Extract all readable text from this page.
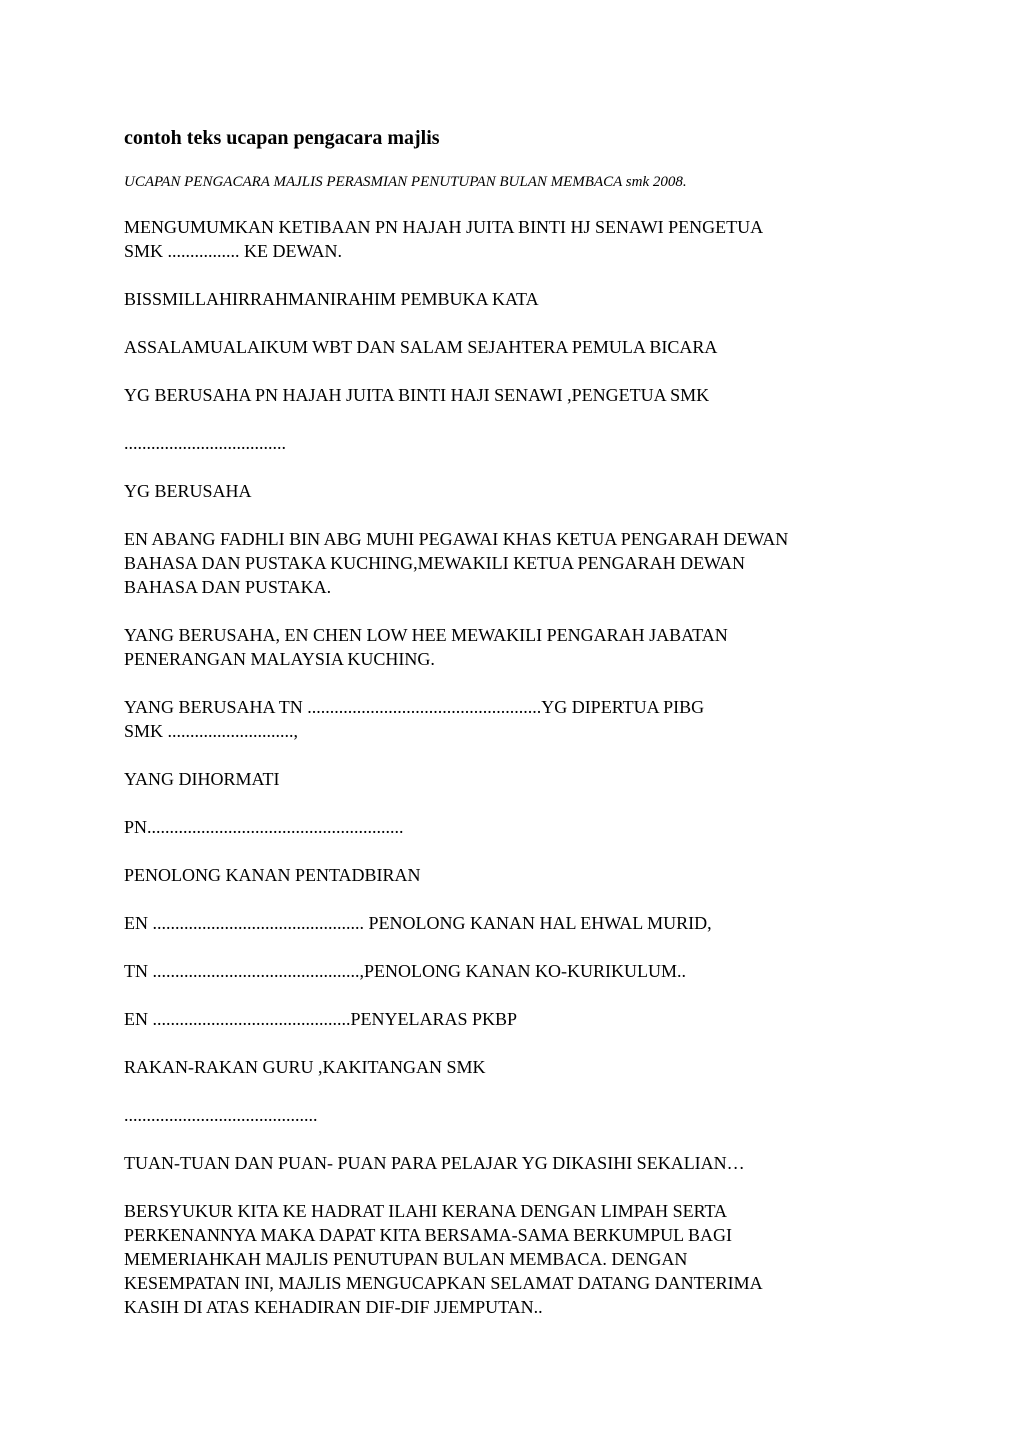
contoh teks ucapan pengacara majlis
UCAPAN PENGACARA MAJLIS PERASMIAN PENUTUPAN BULAN MEMBACA smk 2008.
MENGUMUMKAN KETIBAAN PN HAJAH JUITA BINTI HJ SENAWI PENGETUA
SMK ................ KE DEWAN.
BISSMILLAHIRRAHMANIRAHIM PEMBUKA KATA
ASSALAMUALAIKUM WBT DAN SALAM SEJAHTERA PEMULA BICARA
YG BERUSAHA PN HAJAH JUITA BINTI HAJI SENAWI ,PENGETUA SMK
....................................
YG BERUSAHA
EN ABANG FADHLI BIN ABG MUHI PEGAWAI KHAS KETUA PENGARAH DEWAN
BAHASA DAN PUSTAKA KUCHING,MEWAKILI KETUA PENGARAH DEWAN
BAHASA DAN PUSTAKA.
YANG BERUSAHA, EN CHEN LOW HEE MEWAKILI PENGARAH JABATAN
PENERANGAN MALAYSIA KUCHING.
YANG BERUSAHA TN ....................................................YG DIPERTUA PIBG
SMK ............................,
YANG DIHORMATI
PN.........................................................
PENOLONG KANAN PENTADBIRAN
EN ............................................... PENOLONG KANAN HAL EHWAL MURID,
TN ..............................................,PENOLONG KANAN KO-KURIKULUM..
EN ............................................PENYELARAS PKBP
RAKAN-RAKAN GURU ,KAKITANGAN SMK
...........................................
TUAN-TUAN DAN PUAN- PUAN PARA PELAJAR YG DIKASIHI SEKALIAN…
BERSYUKUR KITA KE HADRAT ILAHI KERANA DENGAN LIMPAH SERTA
PERKENANNYA MAKA DAPAT KITA BERSAMA-SAMA BERKUMPUL BAGI
MEMERIAHKAH MAJLIS PENUTUPAN BULAN MEMBACA. DENGAN
KESEMPATAN INI, MAJLIS MENGUCAPKAN SELAMAT DATANG DANTERIMA
KASIH DI ATAS KEHADIRAN DIF-DIF JJEMPUTAN..
